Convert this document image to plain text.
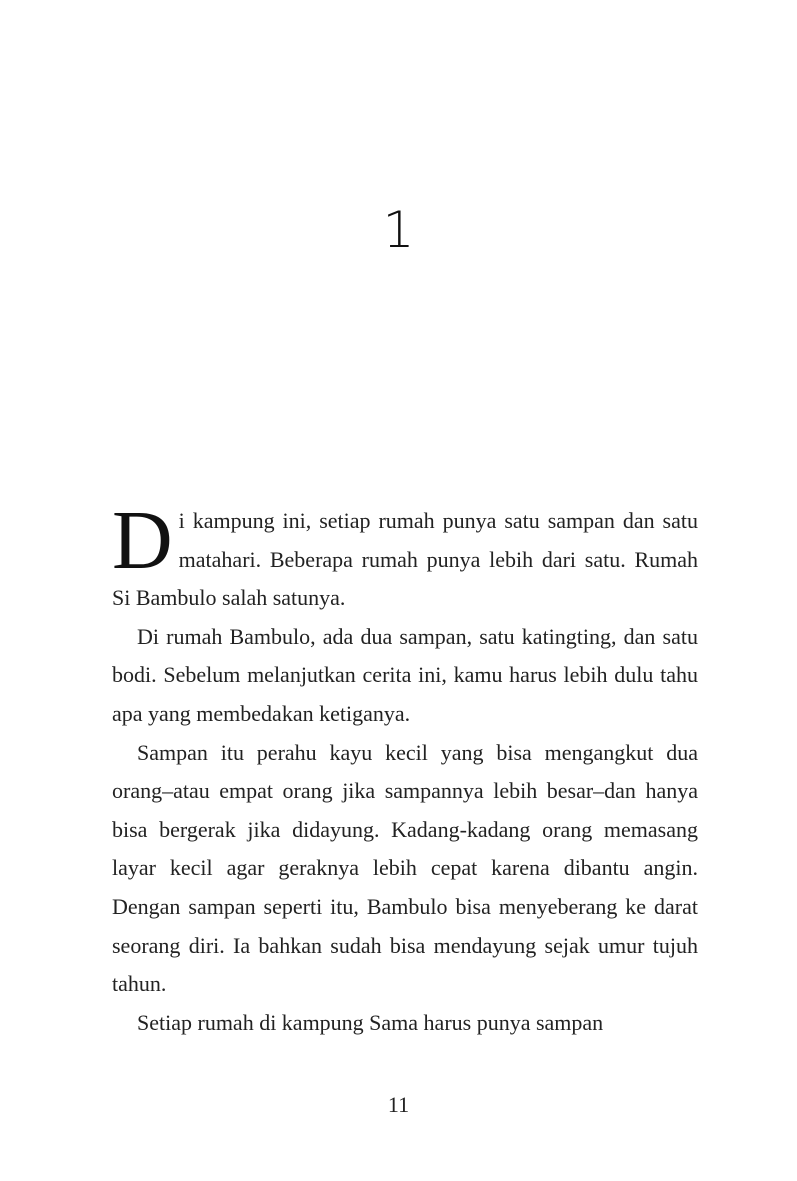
1

Di kampung ini, setiap rumah punya satu sampan dan satu matahari. Beberapa rumah punya lebih dari satu. Rumah Si Bambulo salah satunya.

Di rumah Bambulo, ada dua sampan, satu katingting, dan satu bodi. Sebelum melanjutkan cerita ini, kamu harus lebih dulu tahu apa yang membedakan ketiganya.

Sampan itu perahu kayu kecil yang bisa mengangkut dua orang–atau empat orang jika sampannya lebih besar–dan hanya bisa bergerak jika didayung. Kadang-kadang orang memasang layar kecil agar geraknya lebih cepat karena dibantu angin. Dengan sampan seperti itu, Bambulo bisa menyeberang ke darat seorang diri. Ia bahkan sudah bisa mendayung sejak umur tujuh tahun.

Setiap rumah di kampung Sama harus punya sampan

11
